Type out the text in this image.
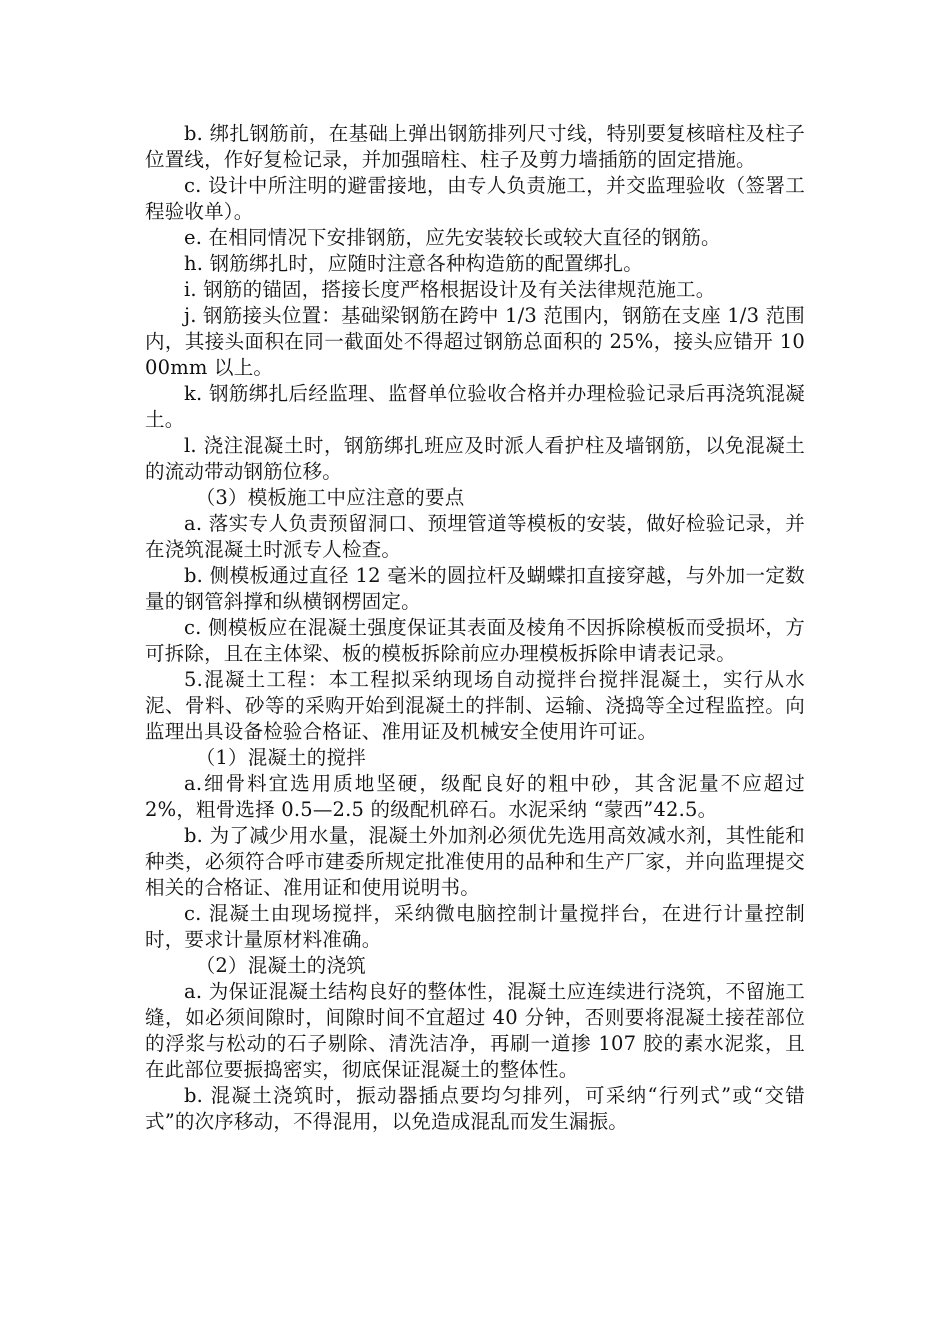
b. 绑扎钢筋前，在基础上弹出钢筋排列尺寸线，特别要复核暗柱及柱子位置线，作好复检记录，并加强暗柱、柱子及剪力墙插筋的固定措施。

c. 设计中所注明的避雷接地，由专人负责施工，并交监理验收（签署工程验收单）。

e. 在相同情况下安排钢筋，应先安装较长或较大直径的钢筋。

h. 钢筋绑扎时，应随时注意各种构造筋的配置绑扎。

i. 钢筋的锚固，搭接长度严格根据设计及有关法律规范施工。

j. 钢筋接头位置：基础梁钢筋在跨中 1/3 范围内，钢筋在支座 1/3 范围内，其接头面积在同一截面处不得超过钢筋总面积的 25%，接头应错开 1000mm 以上。

k. 钢筋绑扎后经监理、监督单位验收合格并办理检验记录后再浇筑混凝土。

l. 浇注混凝土时，钢筋绑扎班应及时派人看护柱及墙钢筋，以免混凝土的流动带动钢筋位移。

（3）模板施工中应注意的要点

a. 落实专人负责预留洞口、预埋管道等模板的安装，做好检验记录，并在浇筑混凝土时派专人检查。

b. 侧模板通过直径 12 毫米的圆拉杆及蝴蝶扣直接穿越，与外加一定数量的钢管斜撑和纵横钢楞固定。

c. 侧模板应在混凝土强度保证其表面及棱角不因拆除模板而受损坏，方可拆除，且在主体梁、板的模板拆除前应办理模板拆除申请表记录。

5.混凝土工程：本工程拟采纳现场自动搅拌台搅拌混凝土，实行从水泥、骨料、砂等的采购开始到混凝土的拌制、运输、浇捣等全过程监控。向监理出具设备检验合格证、准用证及机械安全使用许可证。

（1）混凝土的搅拌

a.细骨料宜选用质地坚硬，级配良好的粗中砂，其含泥量不应超过 2%，粗骨选择 0.5—2.5 的级配机碎石。水泥采纳 “蒙西”42.5。

b. 为了减少用水量，混凝土外加剂必须优先选用高效减水剂，其性能和种类，必须符合呼市建委所规定批准使用的品种和生产厂家，并向监理提交相关的合格证、准用证和使用说明书。

c. 混凝土由现场搅拌，采纳微电脑控制计量搅拌台，在进行计量控制时，要求计量原材料准确。

（2）混凝土的浇筑

a. 为保证混凝土结构良好的整体性，混凝土应连续进行浇筑，不留施工缝，如必须间隙时，间隙时间不宜超过 40 分钟，否则要将混凝土接茬部位的浮浆与松动的石子剔除、清洗洁净，再刷一道掺 107 胶的素水泥浆，且在此部位要振捣密实，彻底保证混凝土的整体性。

b. 混凝土浇筑时，振动器插点要均匀排列，可采纳“行列式”或“交错式”的次序移动，不得混用，以免造成混乱而发生漏振。
